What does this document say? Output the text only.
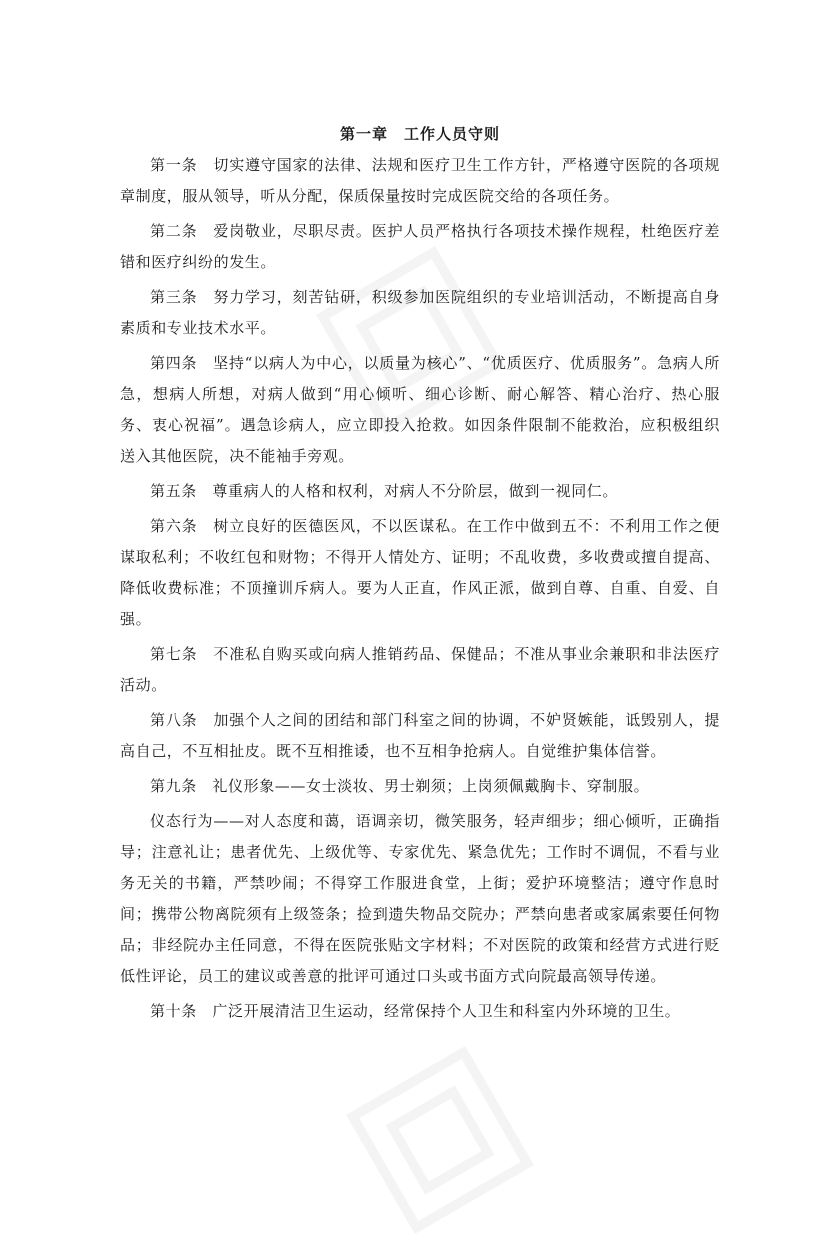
第一章　工作人员守则

第一条　切实遵守国家的法律、法规和医疗卫生工作方针，严格遵守医院的各项规章制度，服从领导，听从分配，保质保量按时完成医院交给的各项任务。

第二条　爱岗敬业，尽职尽责。医护人员严格执行各项技术操作规程，杜绝医疗差错和医疗纠纷的发生。

第三条　努力学习，刻苦钻研，积级参加医院组织的专业培训活动，不断提高自身素质和专业技术水平。

第四条　坚持“以病人为中心，以质量为核心”、“优质医疗、优质服务”。急病人所急，想病人所想，对病人做到“用心倾听、细心诊断、耐心解答、精心治疗、热心服务、衷心祝福”。遇急诊病人，应立即投入抢救。如因条件限制不能救治，应积极组织送入其他医院，决不能袖手旁观。

第五条　尊重病人的人格和权利，对病人不分阶层，做到一视同仁。

第六条　树立良好的医德医风，不以医谋私。在工作中做到五不：不利用工作之便谋取私利；不收红包和财物；不得开人情处方、证明；不乱收费，多收费或擅自提高、降低收费标准；不顶撞训斥病人。要为人正直，作风正派，做到自尊、自重、自爱、自强。

第七条　不准私自购买或向病人推销药品、保健品；不准从事业余兼职和非法医疗活动。

第八条　加强个人之间的团结和部门科室之间的协调，不妒贤嫉能，诋毁别人，提高自己，不互相扯皮。既不互相推诿，也不互相争抢病人。自觉维护集体信誉。

第九条　礼仪形象——女士淡妆、男士剃须；上岗须佩戴胸卡、穿制服。

仪态行为——对人态度和蔼，语调亲切，微笑服务，轻声细步；细心倾听，正确指导；注意礼让；患者优先、上级优等、专家优先、紧急优先；工作时不调侃，不看与业务无关的书籍，严禁吵闹；不得穿工作服进食堂，上街；爱护环境整洁；遵守作息时间；携带公物离院须有上级签条；捡到遗失物品交院办；严禁向患者或家属索要任何物品；非经院办主任同意，不得在医院张贴文字材料；不对医院的政策和经营方式进行贬低性评论，员工的建议或善意的批评可通过口头或书面方式向院最高领导传递。

第十条　广泛开展清洁卫生运动，经常保持个人卫生和科室内外环境的卫生。
